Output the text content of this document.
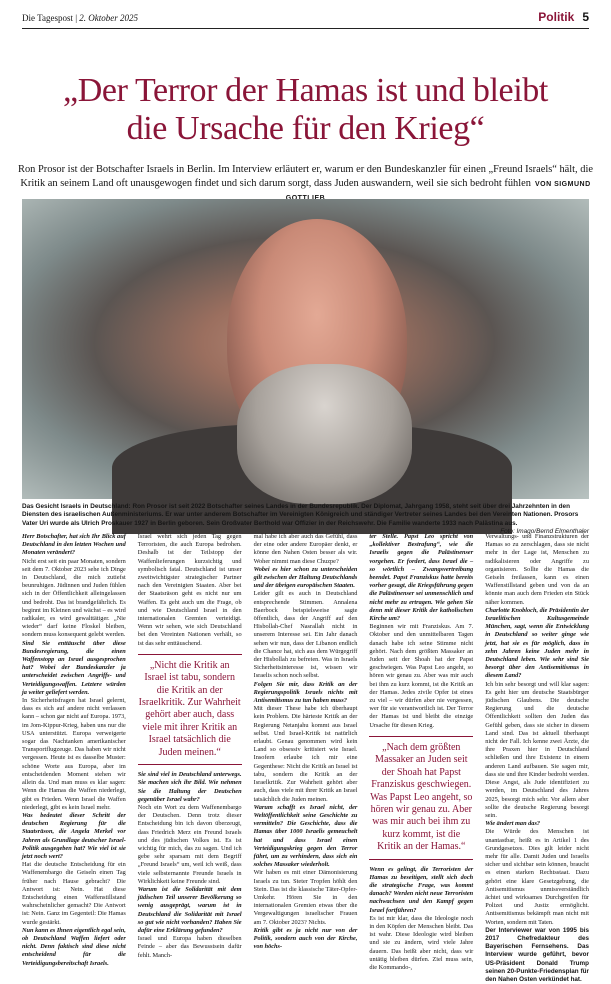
Die Tagespost | 2. Oktober 2025	Politik 5
„Der Terror der Hamas ist und bleibt die Ursache für den Krieg“
Ron Prosor ist der Botschafter Israels in Berlin. Im Interview erläutert er, warum er den Bundeskanzler für einen „Freund Israels“ hält, die Kritik an seinem Land oft unausgewogen findet und sich darum sorgt, dass Juden auswandern, weil sie sich bedroht fühlen VON SIGMUND
Das Gesicht Israels in Deutschland: Ron Prosor ist seit 2022 Botschafter seines Landes in der Bundesrepublik. Der Diplomat, Jahrgang 1958, steht seit über drei Jahrzehnten in den Diensten des israelischen Außenministeriums. Er war unter anderem Botschafter im Vereinigten Königreich und ständiger Vertreter seines Landes bei den Vereinten Nationen. Prosors Vater Uri wurde als Ulrich Proskauer 1927 in Berlin geboren. Sein Großvater Berthold war Offizier in der Reichswehr. Die Familie wanderte 1933 nach Palästina aus.
Foto: Imago/Bernd Elmenthaler

Herr Botschafter, hat sich Ihr Blick auf Deutschland in den letzten Wochen und Monaten verändert?

Nicht erst seit ein paar Monaten, sondern seit dem 7. Oktober 2023 sehe ich Dinge in Deutschland, die mich zutiefst beunruhigen. Jüdinnen und Juden fühlen sich in der Öffentlichkeit alleingelassen und bedroht. Das ist brandgefährlich. Es beginnt im Kleinen und wächst – es wird radikaler, es wird gewalttätiger. „Nie wieder“ darf keine Floskel bleiben, sondern muss konsequent gelebt werden.

Sind Sie enttäuscht über diese Bundesregierung, die einen Waffenstopp an Israel ausgesprochen hat? Wobei der Bundeskanzler ja unterscheidet zwischen Angriffs- und Verteidigungswaffen. Letztere würden ja weiter geliefert werden.

In Sicherheitsfragen hat Israel gelernt, dass es sich auf andere nicht verlassen kann – schon gar nicht auf Europa. 1973, im Jom-Kippur-Krieg, haben uns nur die USA unterstützt. Europa verweigerte sogar das Nachtanken amerikanischer Transportflugzeuge. Das haben wir nicht vergessen. Heute ist es dasselbe Muster: schöne Worte aus Europa, aber im entscheidenden Moment stehen wir allein da. Und man muss es klar sagen: Wenn die Hamas die Waffen niederlegt, gibt es Frieden. Wenn Israel die Waffen niederlegt, gibt es kein Israel mehr.

Was bedeutet dieser Schritt der deutschen Regierung für die Staatsräson, die Angela Merkel vor Jahren als Grundlage deutscher Israel-Politik ausgegeben hat? Wie viel ist sie jetzt noch wert?

Hat die deutsche Entscheidung für ein Waffenembargo die Geiseln einen Tag früher nach Hause gebracht? Die Antwort ist: Nein. Hat diese Entscheidung einen Waffenstillstand wahrscheinlicher gemacht? Die Antwort ist: Nein. Ganz im Gegenteil: Die Hamas wurde gestärkt.

Nun kann es Ihnen eigentlich egal sein, ob Deutschland Waffen liefert oder nicht. Denn faktisch sind diese nicht entscheidend für die Verteidigungsbereitschaft Israels.

Israel wehrt sich jeden Tag gegen Terroristen, die auch Europa bedrohen. Deshalb ist der Teilstopp der Waffenlieferungen kurzsichtig und symbolisch fatal. Deutschland ist unser zweitwichtigster strategischer Partner nach den Vereinigten Staaten. Aber bei der Staatsräson geht es nicht nur um Waffen. Es geht auch um die Frage, ob und wie Deutschland Israel in den internationalen Gremien verteidigt. Wenn wir sehen, wie sich Deutschland bei den Vereinten Nationen verhält, so ist das sehr enttäuschend.

„Nicht die Kritik an Israel ist tabu, sondern die Kritik an der Israelkritik. Zur Wahrheit gehört aber auch, dass viele mit ihrer Kritik an Israel tatsächlich die Juden meinen.“

Sie sind viel in Deutschland unterwegs. Sie machen sich ihr Bild. Wie nehmen Sie die Haltung der Deutschen gegenüber Israel wahr?

Noch ein Wort zu dem Waffenembargo der Deutschen. Denn trotz dieser Entscheidung bin ich davon überzeugt, dass Friedrich Merz ein Freund Israels und des jüdischen Volkes ist. Es ist wichtig für mich, das zu sagen. Und ich gebe sehr sparsam mit dem Begriff „Freund Israels“ um, weil ich weiß, dass viele selbsternannte Freunde Israels in Wirklichkeit keine Freunde sind.

Warum ist die Solidarität mit dem jüdischen Teil unserer Bevölkerung so wenig ausgeprägt, warum ist in Deutschland die Solidarität mit Israel so gut wie nicht vorhanden? Haben Sie dafür eine Erklärung gefunden?

Israel und Europa haben dieselben Feinde – aber das Bewusstsein dafür fehlt. Manch-

mal habe ich aber auch das Gefühl, dass der eine oder andere Europäer denkt, er könne den Nahen Osten besser als wir. Woher nimmt man diese Chuzpe?

Wobei es hier schon zu unterscheiden gilt zwischen der Haltung Deutschlands und der übrigen europäischen Staaten.

Leider gilt es auch in Deutschland entsprechende Stimmen. Annalena Baerbock beispielsweise sagte öffentlich, dass der Angriff auf den Hisbollah-Chef Nasrallah nicht in unserem Interesse sei. Ein Jahr danach sehen wir nun, dass der Libanon endlich die Chance hat, sich aus dem Würgegriff der Hisbollah zu befreien. Was in Israels Sicherheitsinteresse ist, wissen wir Israelis schon noch selbst.

Folgen Sie mir, dass Kritik an der Regierungspolitik Israels nichts mit Antisemitismus zu tun haben muss?

Mit dieser These habe ich überhaupt kein Problem. Die härteste Kritik an der Regierung Netanjahu kommt aus Israel selbst. Und Israel-Kritik ist natürlich erlaubt. Genau genommen wird kein Land so obsessiv kritisiert wie Israel. Insofern erlaube ich mir eine Gegenthese: Nicht die Kritik an Israel ist tabu, sondern die Kritik an der Israelkritik. Zur Wahrheit gehört aber auch, dass viele mit ihrer Kritik an Israel tatsächlich die Juden meinen.

Warum schafft es Israel nicht, der Weltöffentlichkeit seine Geschichte zu vermitteln? Die Geschichte, dass die Hamas über 1000 Israelis gemeuchelt hat und dass Israel einen Verteidigungskrieg gegen den Terror führt, um zu verhindern, dass sich ein solches Massaker wiederholt.

Wir haben es mit einer Dämonisierung Israels zu tun. Steter Tropfen höhlt den Stein. Das ist die klassische Täter-Opfer-Umkehr. Hören Sie in den internationalen Gremien etwas über die Vergewaltigungen israelischer Frauen am 7. Oktober 2023? Nichts.

Kritik gibt es ja nicht nur von der Politik, sondern auch von der Kirche, von höchs-

ter Stelle. Papst Leo spricht von „kollektiver Bestrafung“, wie die Israelis gegen die Palästinenser vorgehen. Er fordert, dass Israel die – so wörtlich – Zwangsvertreibung beendet. Papst Franziskus hatte bereits vorher gesagt, die Kriegsführung gegen die Palästinenser sei unmenschlich und nicht mehr zu ertragen. Wie gehen Sie denn mit dieser Kritik der katholischen Kirche um?

Beginnen wir mit Franziskus. Am 7. Oktober und den unmittelbaren Tagen danach habe ich seine Stimme nicht gehört. Nach dem größten Massaker an Juden seit der Shoah hat der Papst geschwiegen. Was Papst Leo angeht, so hören wir genau zu. Aber was mir auch bei ihm zu kurz kommt, ist die Kritik an der Hamas. Jedes zivile Opfer ist eines zu viel – wir dürfen aber nie vergessen, wer für sie verantwortlich ist. Der Terror der Hamas ist und bleibt die einzige Ursache für diesen Krieg.

„Nach dem größten Massaker an Juden seit der Shoah hat Papst Franziskus geschwiegen. Was Papst Leo angeht, so hören wir genau zu. Aber was mir auch bei ihm zu kurz kommt, ist die Kritik an der Hamas.“

Wenn es gelingt, die Terroristen der Hamas zu beseitigen, stellt sich doch die strategische Frage, was kommt danach? Werden nicht neue Terroristen nachwachsen und den Kampf gegen Israel fortführen?

Es ist mir klar, dass die Ideologie noch in den Köpfen der Menschen bleibt. Das ist wahr. Diese Ideologie wird bleiben und sie zu ändern, wird viele Jahre dauern. Das heißt aber nicht, dass wir untätig bleiben dürfen. Ziel muss sein, die Kommando-,

Verwaltungs- und Finanzstrukturen der Hamas so zu zerschlagen, dass sie nicht mehr in der Lage ist, Menschen zu radikalisieren oder Angriffe zu organisieren. Sollte die Hamas die Geiseln freilassen, kann es einen Waffenstillstand geben und von da an könnte man auch dem Frieden ein Stück näher kommen.

Charlotte Knobloch, die Präsidentin der Israelitischen Kultusgemeinde München, sagt, wenn die Entwicklung in Deutschland so weiter ginge wie jetzt, hat sie es für möglich, dass in zehn Jahren keine Juden mehr in Deutschland leben. Wie sehr sind Sie besorgt über den Antisemitismus in diesem Land?

Ich bin sehr besorgt und will klar sagen: Es geht hier um deutsche Staatsbürger jüdischen Glaubens. Die deutsche Regierung und die deutsche Öffentlichkeit sollten den Juden das Gefühl geben, dass sie sicher in diesem Land sind. Das ist aktuell überhaupt nicht der Fall. Ich kenne zwei Ärzte, die ihre Praxen hier in Deutschland schließen und ihre Existenz in einem anderen Land aufbauen. Sie sagen mir, dass sie und ihre Kinder bedroht werden. Diese Angst, als Jude identifiziert zu werden, im Deutschland des Jahres 2025, besorgt mich sehr. Vor allem aber sollte die deutsche Regierung besorgt sein.

Wie ändert man das?

Die Würde des Menschen ist unantastbar, heißt es in Artikel 1 des Grundgesetzes. Dies gilt leider nicht mehr für alle. Damit Juden und Israelis sicher und sichtbar sein können, braucht es einen starken Rechtsstaat. Dazu gehört eine klare Gesetzgebung, die Antisemitismus unmissverständlich ächtet und wirksames Durchgreifen für Polizei und Justiz ermöglicht. Antisemitismus bekämpft man nicht mit Worten, sondern mit Taten.

Der Interviewer war von 1995 bis 2017 Chefredakteur des Bayerischen Fernsehens. Das Interview wurde geführt, bevor US-Präsident Donald Trump seinen 20-Punkte-Friedensplan für den Nahen Osten verkündet hat.
